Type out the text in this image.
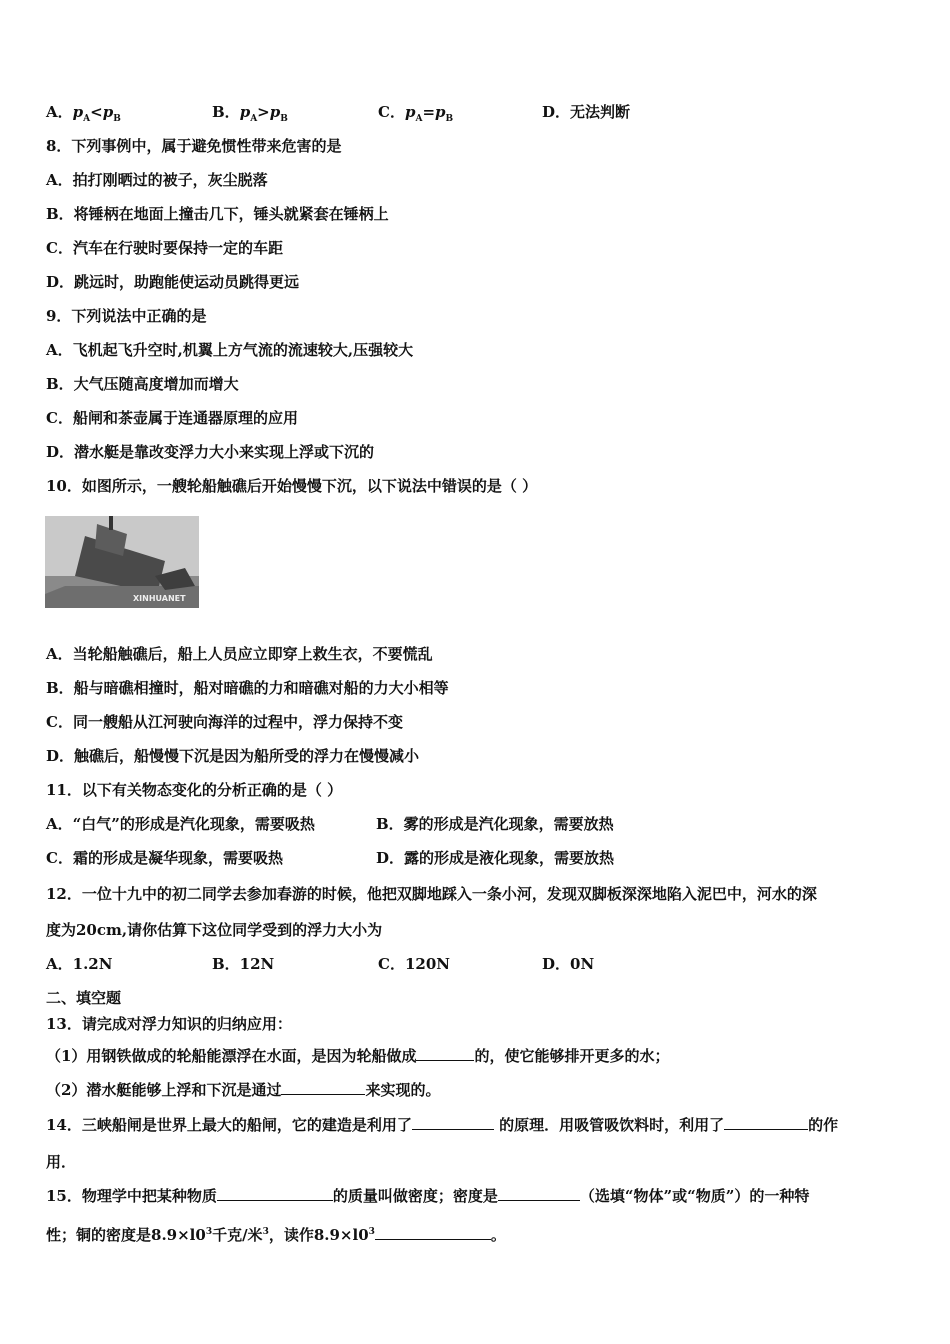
A．$p_A<p_B$	B．$p_A>p_B$	C．$p_A=p_B$	D．无法判断
8．下列事例中，属于避免惯性带来危害的是
A．拍打刚晒过的被子，灰尘脱落
B．将锤柄在地面上撞击几下，锤头就紧套在锤柄上
C．汽车在行驶时要保持一定的车距
D．跳远时，助跑能使运动员跳得更远
9．下列说法中正确的是
A．飞机起飞升空时,机翼上方气流的流速较大,压强较大
B．大气压随高度增加而增大
C．船闸和茶壶属于连通器原理的应用
D．潜水艇是靠改变浮力大小来实现上浮或下沉的
10．如图所示，一艘轮船触礁后开始慢慢下沉，以下说法中错误的是（ ）
XINHUANET
A．当轮船触礁后，船上人员应立即穿上救生衣，不要慌乱
B．船与暗礁相撞时，船对暗礁的力和暗礁对船的力大小相等
C．同一艘船从江河驶向海洋的过程中，浮力保持不变
D．触礁后，船慢慢下沉是因为船所受的浮力在慢慢减小
11．以下有关物态变化的分析正确的是（ ）
A．“白气”的形成是汽化现象，需要吸热	B．雾的形成是汽化现象，需要放热
C．霜的形成是凝华现象，需要吸热	D．露的形成是液化现象，需要放热
12．一位十九中的初二同学去参加春游的时候，他把双脚地踩入一条小河，发现双脚板深深地陷入泥巴中，河水的深
度为20cm,请你估算下这位同学受到的浮力大小为
A．1.2N	B．12N	C．120N	D．0N
二、填空题
13．请完成对浮力知识的归纳应用：
（1）用钢铁做成的轮船能漂浮在水面，是因为轮船做成	的，使它能够排开更多的水；
（2）潜水艇能够上浮和下沉是通过	来实现的。
14．三峡船闸是世界上最大的船闸，它的建造是利用了	的原理．用吸管吸饮料时，利用了	的作
用．
15．物理学中把某种物质	的质量叫做密度；密度是	（选填“物体”或“物质”）的一种特
性；铜的密度是$8.9\times l0^3$千克/米$^3$，读作$8.9\times l0^3$	。
